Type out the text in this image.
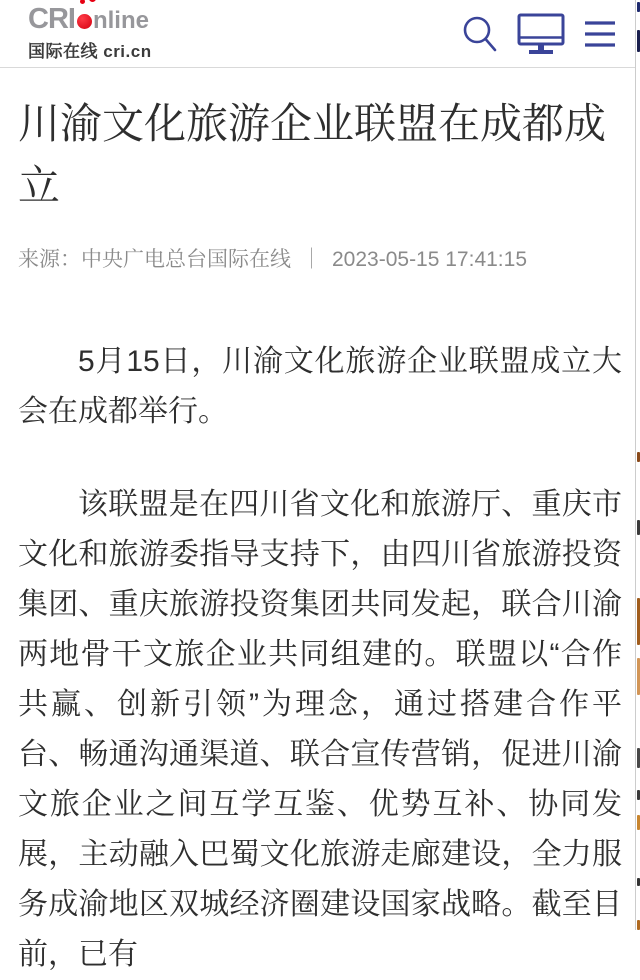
CRI nline
国际在线 cri.cn
川渝文化旅游企业联盟在成都成立
来源：中央广电总台国际在线 ｜ 2023-05-15 17:41:15

5月15日，川渝文化旅游企业联盟成立大会在成都举行。

该联盟是在四川省文化和旅游厅、重庆市文化和旅游委指导支持下，由四川省旅游投资集团、重庆旅游投资集团共同发起，联合川渝两地骨干文旅企业共同组建的。联盟以“合作共赢、创新引领”为理念，通过搭建合作平台、畅通沟通渠道、联合宣传营销，促进川渝文旅企业之间互学互鉴、优势互补、协同发展，主动融入巴蜀文化旅游走廊建设，全力服务成渝地区双城经济圈建设国家战略。截至目前，已有
